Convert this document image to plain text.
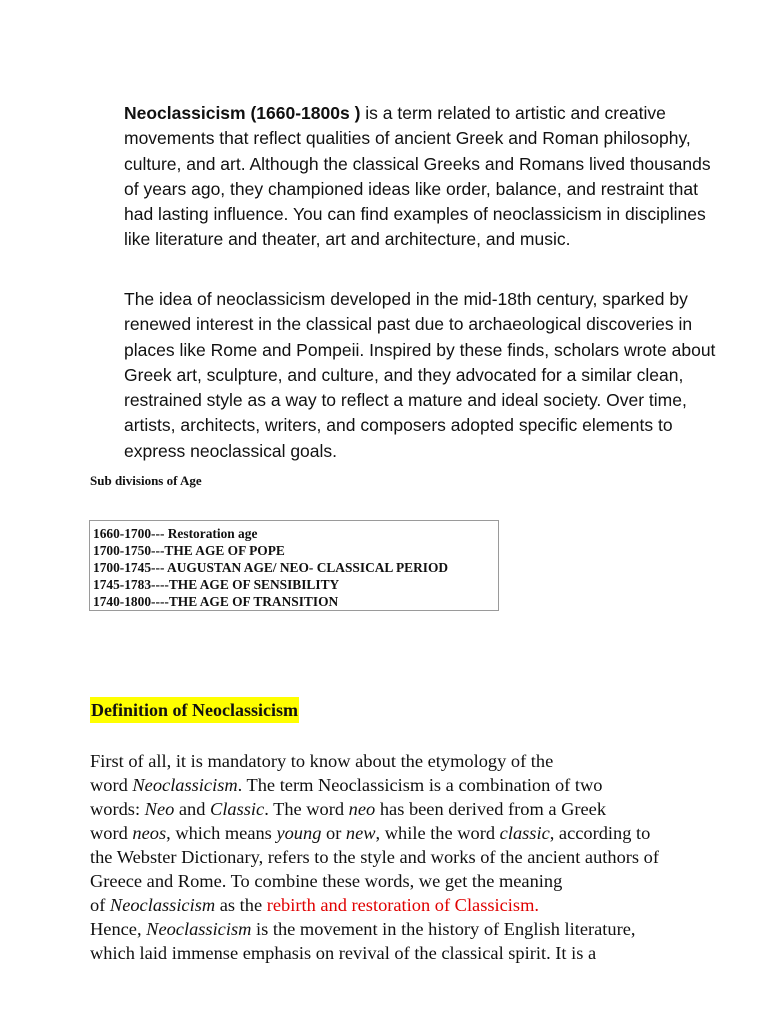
Neoclassicism (1660-1800s ) is a term related to artistic and creative movements that reflect qualities of ancient Greek and Roman philosophy, culture, and art. Although the classical Greeks and Romans lived thousands of years ago, they championed ideas like order, balance, and restraint that had lasting influence. You can find examples of neoclassicism in disciplines like literature and theater, art and architecture, and music.

The idea of neoclassicism developed in the mid-18th century, sparked by renewed interest in the classical past due to archaeological discoveries in places like Rome and Pompeii. Inspired by these finds, scholars wrote about Greek art, sculpture, and culture, and they advocated for a similar clean, restrained style as a way to reflect a mature and ideal society. Over time, artists, architects, writers, and composers adopted specific elements to express neoclassical goals.

Sub divisions of Age

1660-1700--- Restoration age
1700-1750---THE AGE OF POPE
1700-1745--- AUGUSTAN AGE/ NEO- CLASSICAL PERIOD
1745-1783----THE AGE OF SENSIBILITY
1740-1800----THE AGE OF TRANSITION

Definition of Neoclassicism

First of all, it is mandatory to know about the etymology of the
word Neoclassicism. The term Neoclassicism is a combination of two
words: Neo and Classic. The word neo has been derived from a Greek
word neos, which means young or new, while the word classic, according to
the Webster Dictionary, refers to the style and works of the ancient authors of
Greece and Rome. To combine these words, we get the meaning
of Neoclassicism as the rebirth and restoration of Classicism.
Hence, Neoclassicism is the movement in the history of English literature,
which laid immense emphasis on revival of the classical spirit. It is a
